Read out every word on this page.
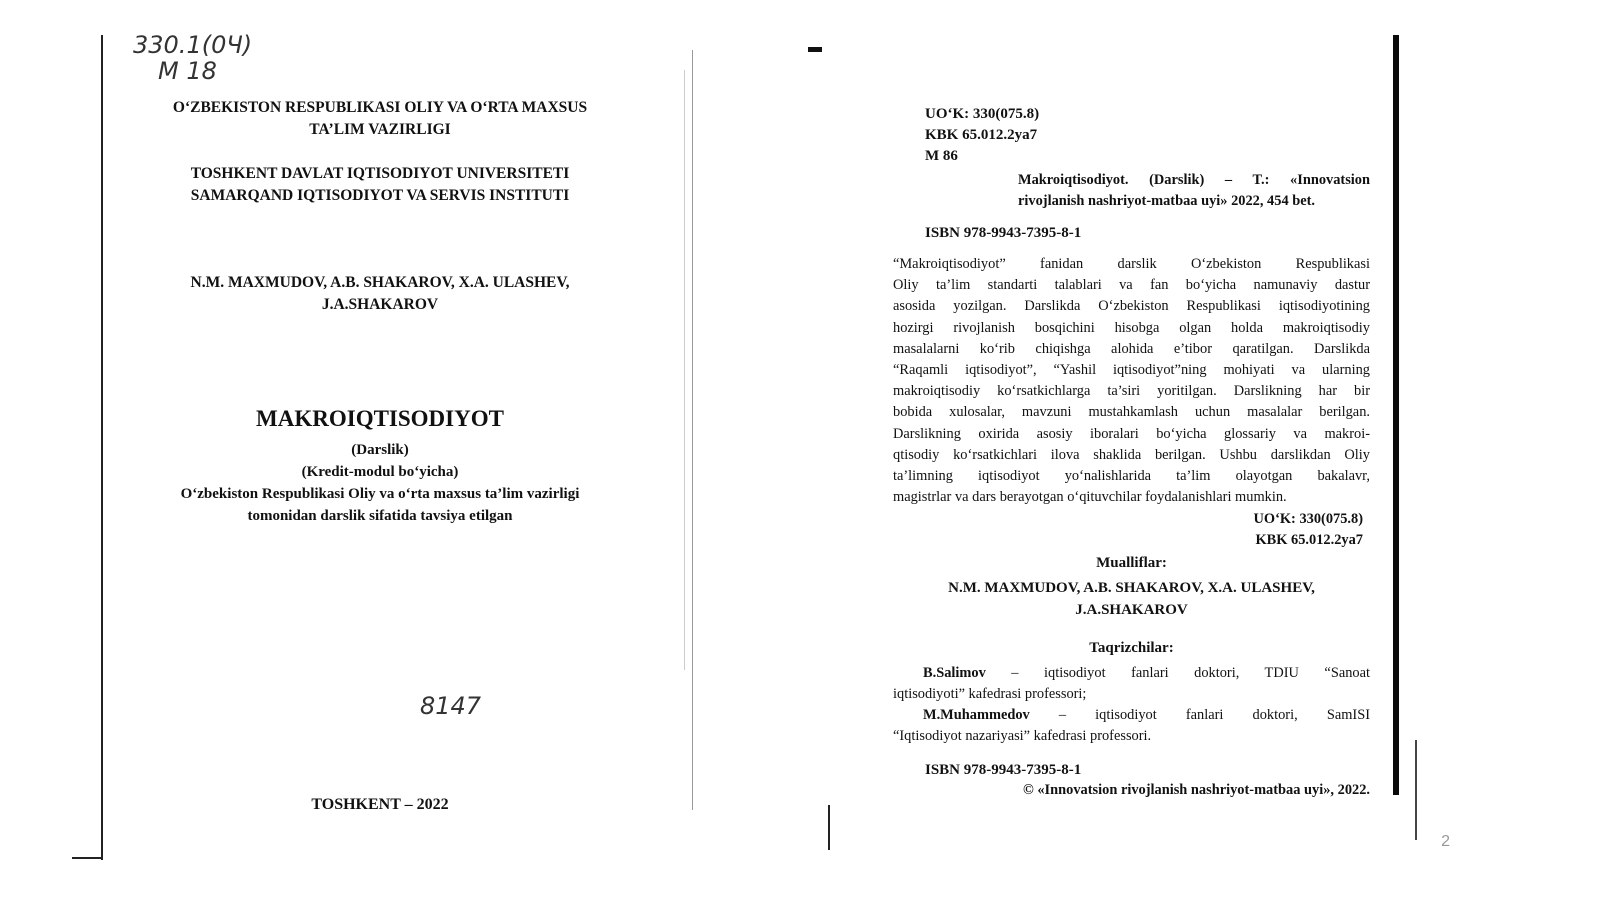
330.1(0Ч)
M 18
O‘ZBEKISTON RESPUBLIKASI OLIY VA O‘RTA MAXSUS
TA’LIM VAZIRLIGI
TOSHKENT DAVLAT IQTISODIYOT UNIVERSITETI
SAMARQAND IQTISODIYOT VA SERVIS INSTITUTI
N.M. MAXMUDOV, A.B. SHAKAROV, X.A. ULASHEV,
J.A.SHAKAROV
MAKROIQTISODIYOT
(Darslik)
(Kredit-modul bo‘yicha)
O‘zbekiston Respublikasi Oliy va o‘rta maxsus ta’lim vazirligi
tomonidan darslik sifatida tavsiya etilgan
8147
TOSHKENT – 2022
UO‘K: 330(075.8)
KBK 65.012.2ya7
M 86
Makroiqtisodiyot. (Darslik) – T.: «Innovatsion
rivojlanish nashriyot-matbaa uyi» 2022, 454 bet.
ISBN 978-9943-7395-8-1
“Makroiqtisodiyot” fanidan darslik O‘zbekiston Respublikasi
Oliy ta’lim standarti talablari va fan bo‘yicha namunaviy dastur
asosida yozilgan. Darslikda O‘zbekiston Respublikasi iqtisodiyotining
hozirgi rivojlanish bosqichini hisobga olgan holda makroiqtisodiy
masalalarni ko‘rib chiqishga alohida e’tibor qaratilgan. Darslikda
“Raqamli iqtisodiyot”, “Yashil iqtisodiyot”ning mohiyati va ularning
makroiqtisodiy ko‘rsatkichlarga ta’siri yoritilgan. Darslikning har bir
bobida xulosalar, mavzuni mustahkamlash uchun masalalar berilgan.
Darslikning oxirida asosiy iboralari bo‘yicha glossariy va makroi-
qtisodiy ko‘rsatkichlari ilova shaklida berilgan. Ushbu darslikdan Oliy
ta’limning iqtisodiyot yo‘nalishlarida ta’lim olayotgan bakalavr,
magistrlar va dars berayotgan o‘qituvchilar foydalanishlari mumkin.
UO‘K: 330(075.8)
KBK 65.012.2ya7
Mualliflar:
N.M. MAXMUDOV, A.B. SHAKAROV, X.A. ULASHEV,
J.A.SHAKAROV
Taqrizchilar:
B.Salimov – iqtisodiyot fanlari doktori, TDIU “Sanoat
iqtisodiyoti” kafedrasi professori;
M.Muhammedov – iqtisodiyot fanlari doktori, SamISI
“Iqtisodiyot nazariyasi” kafedrasi professori.
ISBN 978-9943-7395-8-1
© «Innovatsion rivojlanish nashriyot-matbaa uyi», 2022.
2
